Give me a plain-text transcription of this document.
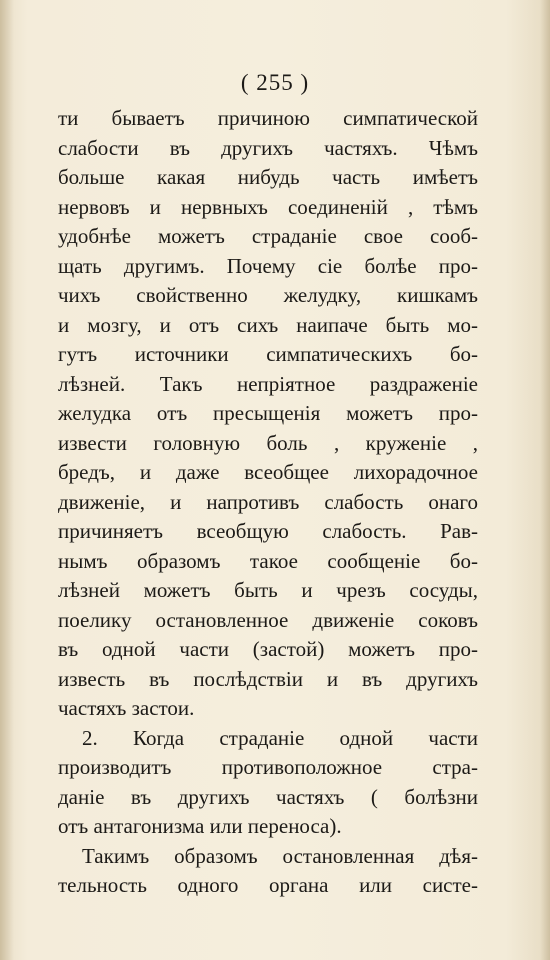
( 255 )
ти бываетъ причиною симпатической
слабости въ другихъ частяхъ. Чѣмъ
больше какая нибудь часть имѣетъ
нервовъ и нервныхъ соединенiй , тѣмъ
удобнѣе можетъ страданiе свое сооб-
щать другимъ. Почему сiе болѣе про-
чихъ свойственно желудку, кишкамъ
и мозгу, и отъ сихъ наипаче быть мо-
гутъ источники симпатическихъ бо-
лѣзней. Такъ непрiятное раздраженiе
желудка отъ пресыщенiя можетъ про-
извести головную боль , круженiе ,
бредъ, и даже всеобщее лихорадочное
движенiе, и напротивъ слабость онаго
причиняетъ всеобщую слабость. Рав-
нымъ образомъ такое сообщенiе бо-
лѣзней можетъ быть и чрезъ сосуды,
поелику остановленное движенiе соковъ
въ одной части (застой) можетъ про-
известь въ послѣдствiи и въ другихъ
частяхъ застои.
2. Когда страданiе одной части
производитъ противоположное стра-
данiе въ другихъ частяхъ ( болѣзни
отъ антагонизма или переноса).
Такимъ образомъ остановленная дѣя-
тельность одного органа или систе-
